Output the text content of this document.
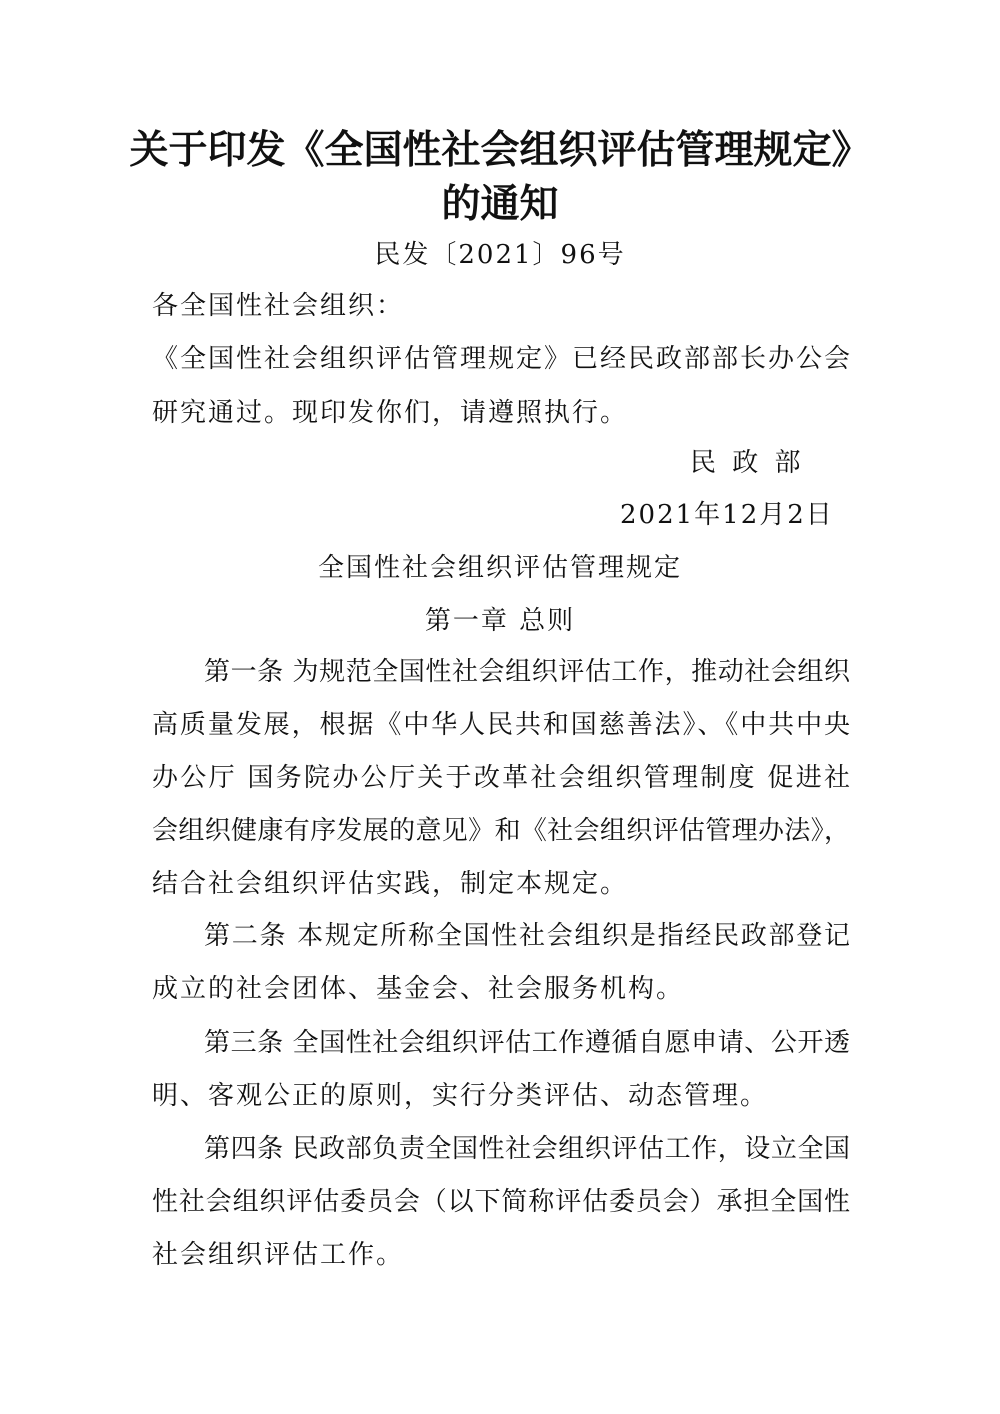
关于印发《全国性社会组织评估管理规定》
的通知

民发〔2021〕96号

各全国性社会组织：

《全国性社会组织评估管理规定》已经民政部部长办公会

研究通过。现印发你们，请遵照执行。

民 政 部

2021年12月2日

全国性社会组织评估管理规定

第一章 总则

第一条 为规范全国性社会组织评估工作，推动社会组织

高质量发展，根据《中华人民共和国慈善法》、《中共中央

办公厅 国务院办公厅关于改革社会组织管理制度 促进社

会组织健康有序发展的意见》和《社会组织评估管理办法》，

结合社会组织评估实践，制定本规定。

第二条 本规定所称全国性社会组织是指经民政部登记

成立的社会团体、基金会、社会服务机构。

第三条 全国性社会组织评估工作遵循自愿申请、公开透

明、客观公正的原则，实行分类评估、动态管理。

第四条 民政部负责全国性社会组织评估工作，设立全国

性社会组织评估委员会（以下简称评估委员会）承担全国性

社会组织评估工作。
